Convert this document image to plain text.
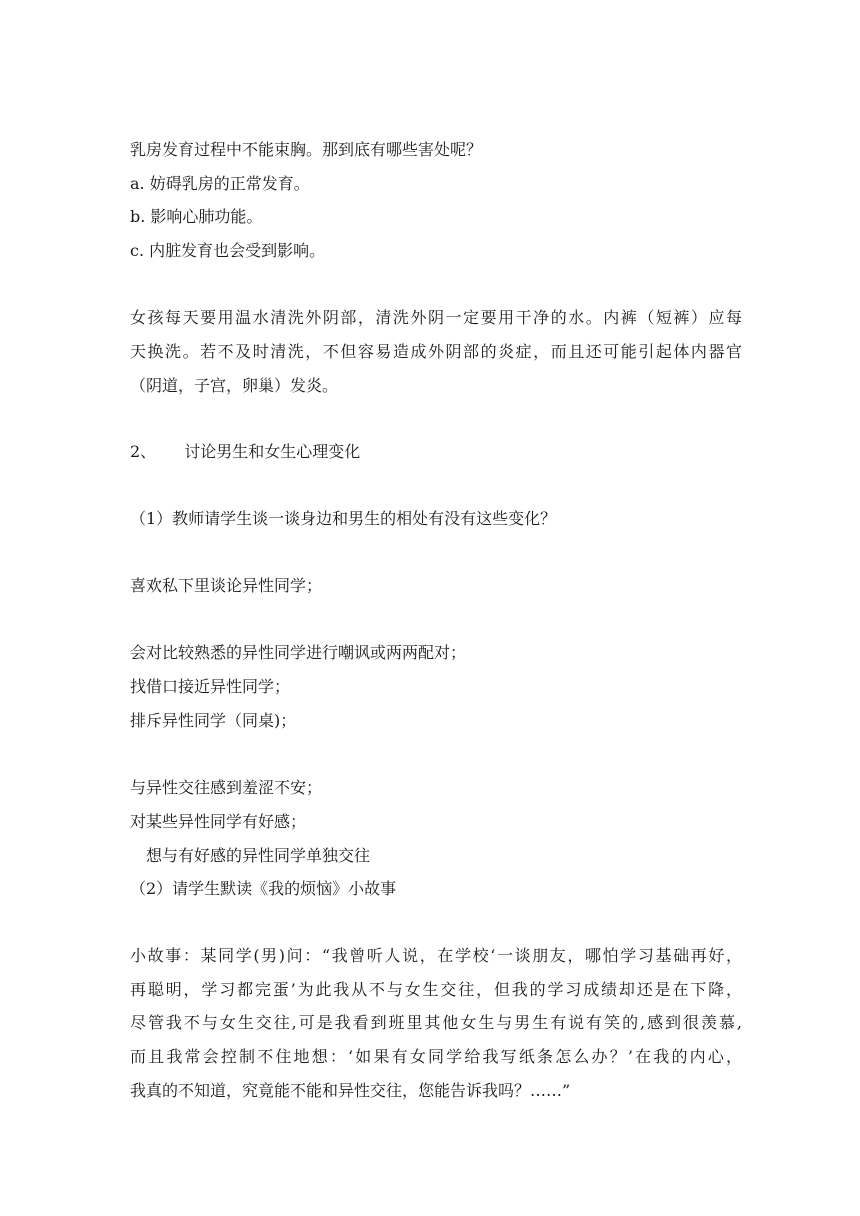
乳房发育过程中不能束胸。那到底有哪些害处呢？
a. 妨碍乳房的正常发育。
b. 影响心肺功能。
c. 内脏发育也会受到影响。
女孩每天要用温水清洗外阴部，清洗外阴一定要用干净的水。内裤（短裤）应每
天换洗。若不及时清洗，不但容易造成外阴部的炎症，而且还可能引起体内器官
（阴道，子宫，卵巢）发炎。
2、 讨论男生和女生心理变化
（1）教师请学生谈一谈身边和男生的相处有没有这些变化？
喜欢私下里谈论异性同学；
会对比较熟悉的异性同学进行嘲讽或两两配对；
找借口接近异性同学；
排斥异性同学（同桌)；
与异性交往感到羞涩不安；
对某些异性同学有好感；
想与有好感的异性同学单独交往
（2）请学生默读《我的烦恼》小故事
小故事：某同学(男)问：“我曾听人说，在学校‘一谈朋友，哪怕学习基础再好，
再聪明，学习都完蛋’为此我从不与女生交往，但我的学习成绩却还是在下降，
尽管我不与女生交往,可是我看到班里其他女生与男生有说有笑的,感到很羡慕,
而且我常会控制不住地想：‘如果有女同学给我写纸条怎么办？’在我的内心，
我真的不知道，究竟能不能和异性交往，您能告诉我吗？……”
